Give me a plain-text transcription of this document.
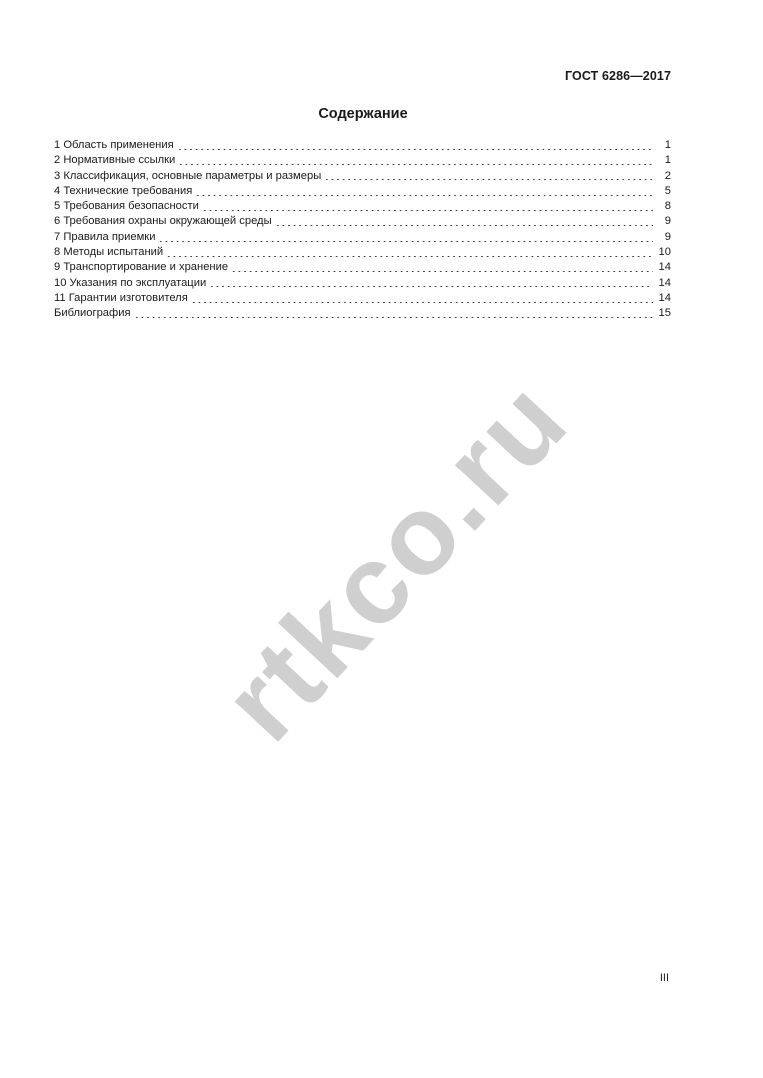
ГОСТ 6286—2017
Содержание
1 Область применения	1
2 Нормативные ссылки	1
3 Классификация, основные параметры и размеры	2
4 Технические требования	5
5 Требования безопасности	8
6 Требования охраны окружающей среды	9
7 Правила приемки	9
8 Методы испытаний	10
9 Транспортирование и хранение	14
10 Указания по эксплуатации	14
11 Гарантии изготовителя	14
Библиография	15
rtkco.ru
III
